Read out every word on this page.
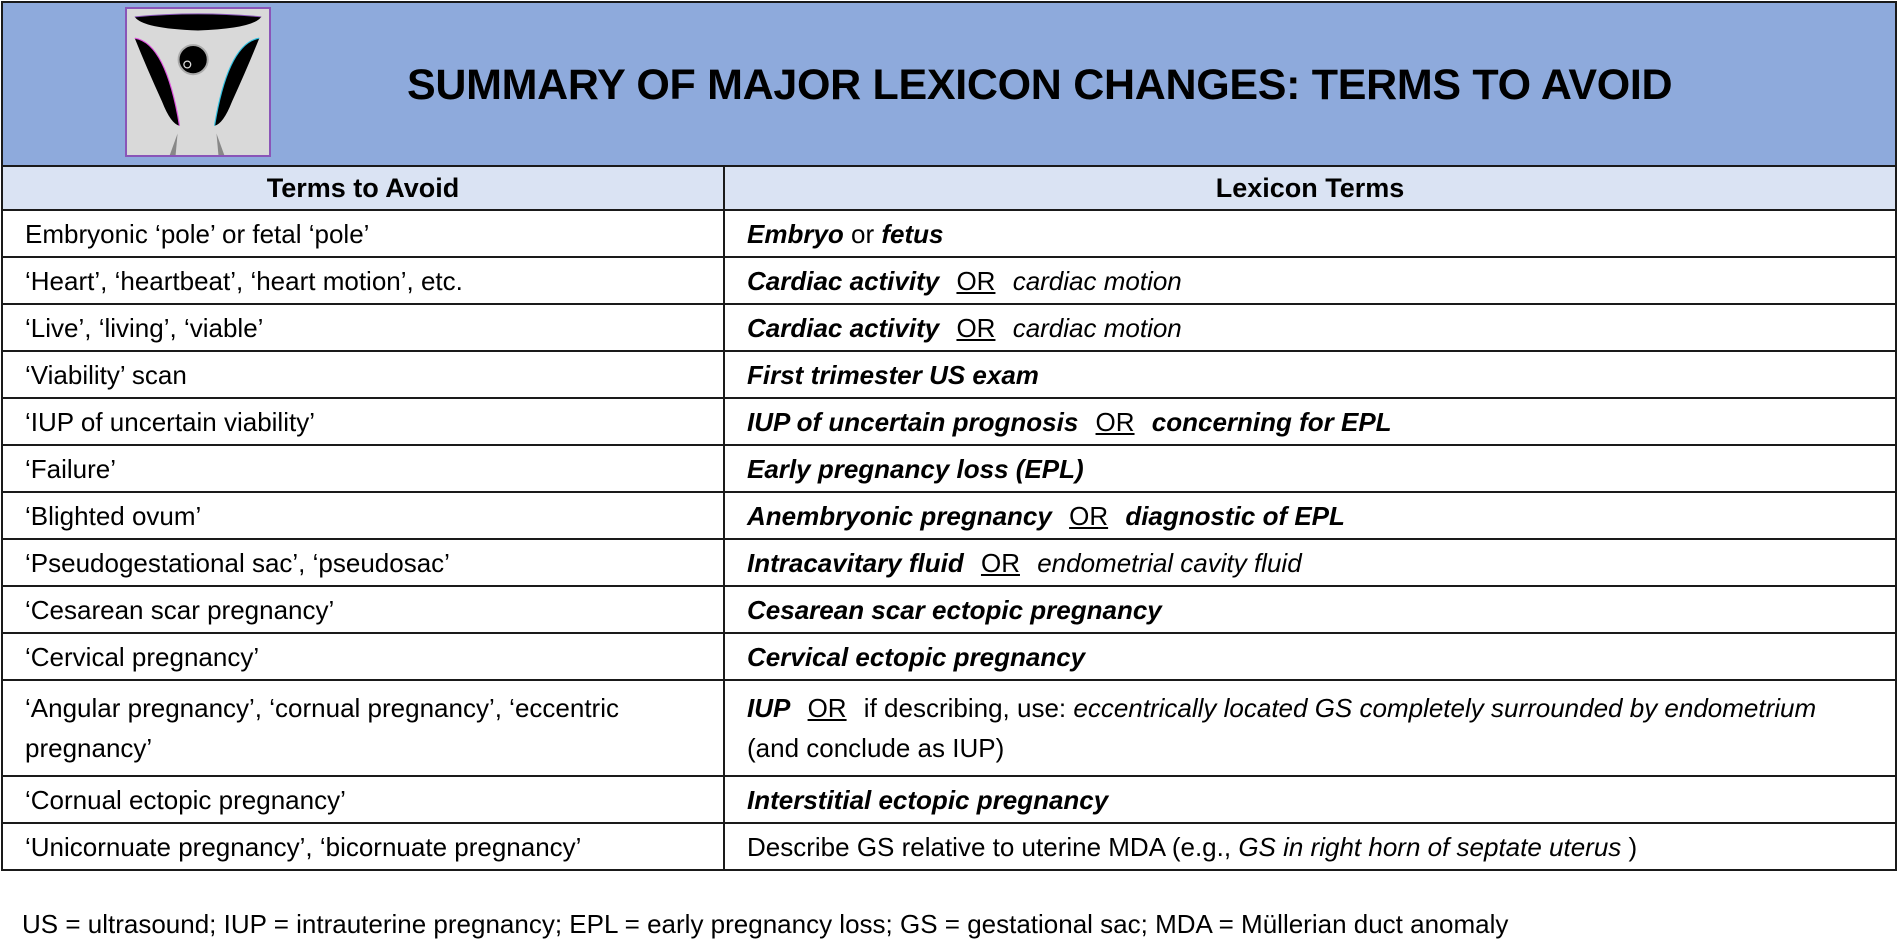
SUMMARY OF MAJOR LEXICON CHANGES: TERMS TO AVOID
Terms to Avoid	Lexicon Terms
Embryonic ‘pole’ or fetal ‘pole’	Embryo or fetus
‘Heart’, ‘heartbeat’, ‘heart motion’, etc.	Cardiac activity OR cardiac motion
‘Live’, ‘living’, ‘viable’	Cardiac activity OR cardiac motion
‘Viability’ scan	First trimester US exam
‘IUP of uncertain viability’	IUP of uncertain prognosis OR concerning for EPL
‘Failure’	Early pregnancy loss (EPL)
‘Blighted ovum’	Anembryonic pregnancy OR diagnostic of EPL
‘Pseudogestational sac’, ‘pseudosac’	Intracavitary fluid OR endometrial cavity fluid
‘Cesarean scar pregnancy’	Cesarean scar ectopic pregnancy
‘Cervical pregnancy’	Cervical ectopic pregnancy
‘Angular pregnancy’, ‘cornual pregnancy’, ‘eccentric pregnancy’	IUP OR if describing, use: eccentrically located GS completely surrounded by endometrium (and conclude as IUP)
‘Cornual ectopic pregnancy’	Interstitial ectopic pregnancy
‘Unicornuate pregnancy’, ‘bicornuate pregnancy’	Describe GS relative to uterine MDA (e.g., GS in right horn of septate uterus )
US = ultrasound; IUP = intrauterine pregnancy; EPL = early pregnancy loss; GS = gestational sac; MDA = Müllerian duct anomaly
